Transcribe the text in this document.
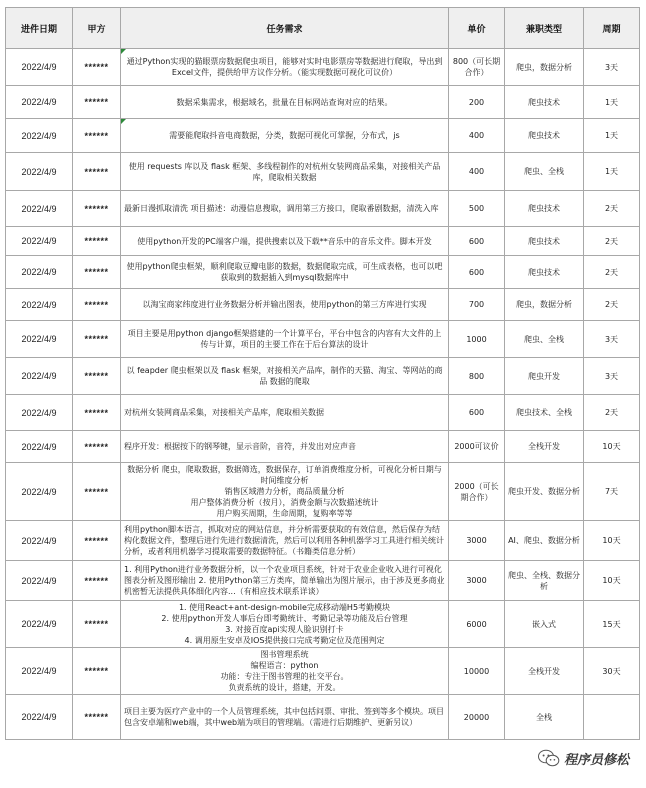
进件日期	甲方	任务需求	单价	兼职类型	周期
2022/4/9	******	通过Python实现的猫眼票房数据爬虫项目，能够对实时电影票房等数据进行爬取，导出到Excel文件，提供给甲方议作分析。（能实现数据可视化可议价）	800（可长期合作）	爬虫，数据分析	3天
2022/4/9	******	数据采集需求，根据域名，批量在目标网站查询对应的结果。	200	爬虫技术	1天
2022/4/9	******	需要能爬取抖音电商数据，分类，数据可视化可掌握，分布式，js	400	爬虫技术	1天
2022/4/9	******	使用 requests 库以及 flask 框架、多线程制作的对杭州女装网商品采集，对接相关产品库，爬取相关数据	400	爬虫、全栈	1天
2022/4/9	******	最新日漫抓取清洗 项目描述：动漫信息搜取，调用第三方接口，爬取番剧数据，清洗入库	500	爬虫技术	2天
2022/4/9	******	使用python开发的PC端客户端，提供搜索以及下载**音乐中的音乐文件。脚本开发	600	爬虫技术	2天
2022/4/9	******	使用python爬虫框架，顺利爬取豆瓣电影的数据，数据爬取完成，可生成表格，也可以吧获取到的数据插入到mysql数据库中	600	爬虫技术	2天
2022/4/9	******	以淘宝商家纬度进行业务数据分析并输出图表，使用python的第三方库进行实现	700	爬虫，数据分析	2天
2022/4/9	******	项目主要是用python django框架搭建的一个计算平台，平台中包含的内容有大文件的上传与计算，项目的主要工作在于后台算法的设计	1000	爬虫、全栈	3天
2022/4/9	******	以 feapder 爬虫框架以及 flask 框架，对接相关产品库，制作的天猫、淘宝、等网站的商品 数据的爬取	800	爬虫开发	3天
2022/4/9	******	对杭州女装网商品采集，对接相关产品库，爬取相关数据	600	爬虫技术、全栈	2天
2022/4/9	******	程序开发：根据按下的钢琴键，显示音阶，音符，并发出对应声音	2000可议价	全栈开发	10天
2022/4/9	******	数据分析 爬虫，爬取数据，数据筛选，数据保存，订单消费维度分析，可视化分析日期与时间维度分析
销售区域潜力分析，商品质量分析
用户整体消费分析（按月），消费金额与次数描述统计
用户购买周期，生命周期，复购率等等	2000（可长期合作）	爬虫开发、数据分析	7天
2022/4/9	******	利用python脚本语言，抓取对应的网站信息，并分析需要获取的有效信息，然后保存为结构化数据文件，整理后进行先进行数据清洗，然后可以利用各种机器学习工具进行相关统计分析，或者利用机器学习提取需要的数据特征。（书籍类信息分析）	3000	AI、爬虫、数据分析	10天
2022/4/9	******	1. 利用Python进行业务数据分析，以一个农业项目系统，针对于农业企业收入进行可视化图表分析及图形输出 2. 使用Python第三方类库，简单输出为图片展示，由于涉及更多商业机密暂无法提供具体细化内容...（有相应技术联系详谈）	3000	爬虫、全栈、数据分析	10天
2022/4/9	******	1. 使用React+ant-design-mobile完成移动端H5考勤模块
2. 使用python开发人事后台即考勤统计、考勤记录等功能及后台管理
3. 对接百度api实现人脸识别打卡
4. 调用原生安卓及IOS提供接口完成考勤定位及范围判定	6000	嵌入式	15天
2022/4/9	******	图书管理系统
编程语言：python
功能：专注于图书管理的社交平台。
负责系统的设计，搭建，开发。	10000	全栈开发	30天
2022/4/9	******	项目主要为医疗产业中的一个人员管理系统，其中包括问票、审批、签到等多个模块。项目包含安卓端和web端，其中web端为项目的管理端。（需进行后期维护、更新另议）	20000	全栈	
程序员修松
